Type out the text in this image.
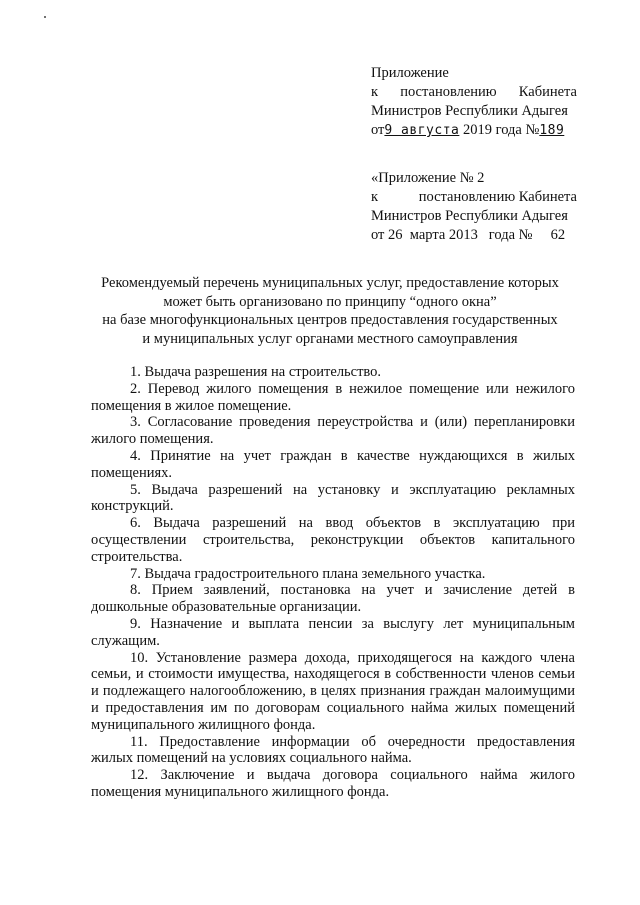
Приложение
к постановлению Кабинета
Министров Республики Адыгея
от 9 августа
2019 года № 189
«Приложение № 2
к	постановлению Кабинета
Министров Республики Адыгея
от 26  марта 2013   года №     62
Рекомендуемый перечень муниципальных услуг, предоставление которых
может быть организовано по принципу “одного окна”
на базе многофункциональных центров предоставления государственных
и муниципальных услуг органами местного самоуправления

1. Выдача разрешения на строительство.

2. Перевод жилого помещения в нежилое помещение или нежилого помещения в жилое помещение.

3. Согласование проведения переустройства и (или) перепланировки жилого помещения.

4. Принятие на учет граждан в качестве нуждающихся в жилых помещениях.

5. Выдача разрешений на установку и эксплуатацию рекламных конструкций.

6. Выдача разрешений на ввод объектов в эксплуатацию при осуществлении строительства, реконструкции объектов капитального строительства.

7. Выдача градостроительного плана земельного участка.

8. Прием заявлений, постановка на учет и зачисление детей в дошкольные образовательные организации.

9. Назначение и выплата пенсии за выслугу лет муниципальным служащим.

10. Установление размера дохода, приходящегося на каждого члена семьи, и стоимости имущества, находящегося в собственности членов семьи и подлежащего налогообложению, в целях признания граждан малоимущими и предоставления им по договорам социального найма жилых помещений муниципального жилищного фонда.

11. Предоставление информации об очередности предоставления жилых помещений на условиях социального найма.

12. Заключение и выдача договора социального найма жилого помещения муниципального жилищного фонда.
